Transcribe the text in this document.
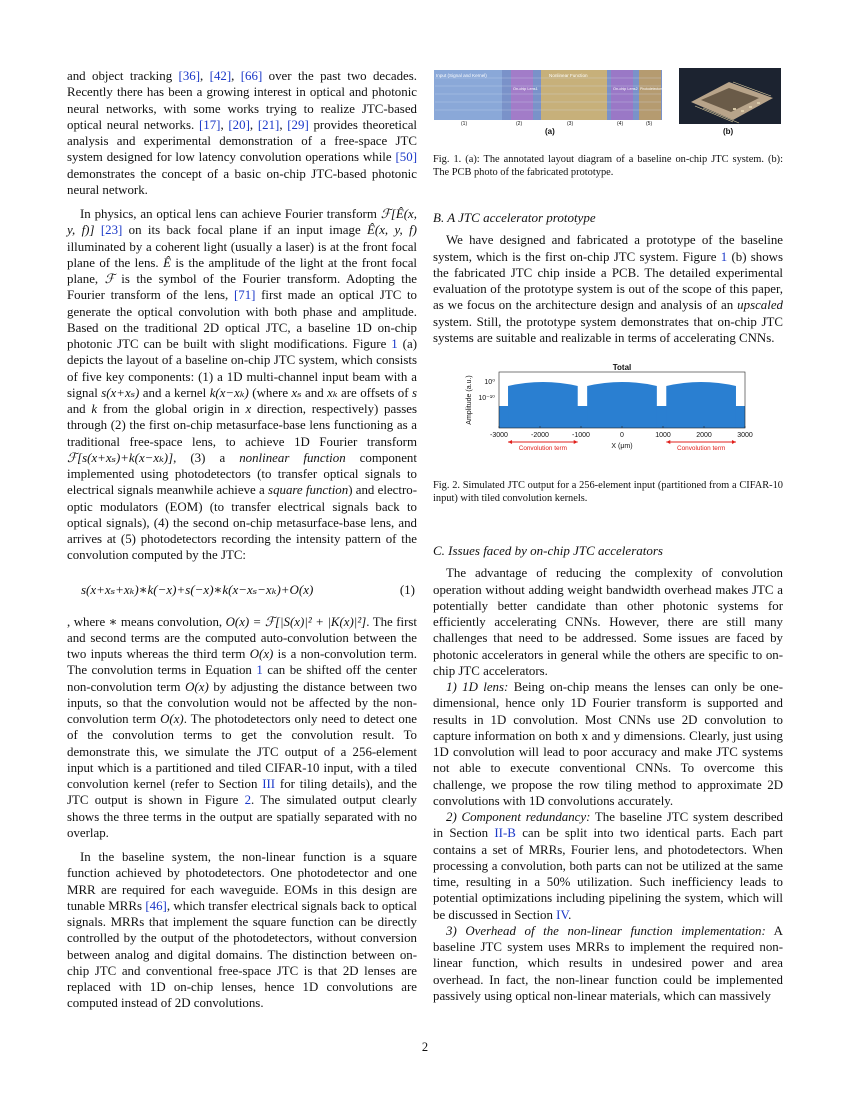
and object tracking [36], [42], [66] over the past two decades. Recently there has been a growing interest in optical and photonic neural networks, with some works trying to realize JTC-based optical neural networks. [17], [20], [21], [29] provides theoretical analysis and experimental demonstration of a free-space JTC system designed for low latency convolution operations while [50] demonstrates the concept of a basic on-chip JTC-based photonic neural network.

In physics, an optical lens can achieve Fourier transform ℱ[Ê(x, y, f)] [23] on its back focal plane if an input image Ê(x, y, f) illuminated by a coherent light (usually a laser) is at the front focal plane of the lens. Ê is the amplitude of the light at the front focal plane, ℱ is the symbol of the Fourier transform. Adopting the Fourier transform of the lens, [71] first made an optical JTC to generate the optical convolution with both phase and amplitude. Based on the traditional 2D optical JTC, a baseline 1D on-chip photonic JTC can be built with slight modifications. Figure 1 (a) depicts the layout of a baseline on-chip JTC system, which consists of five key components: (1) a 1D multi-channel input beam with a signal s(x+xₛ) and a kernel k(x−xₖ) (where xₛ and xₖ are offsets of s and k from the global origin in x direction, respectively) passes through (2) the first on-chip metasurface-base lens functioning as a traditional free-space lens, to achieve 1D Fourier transform ℱ[s(x+xₛ)+k(x−xₖ)], (3) a nonlinear function component implemented using photodetectors (to transfer optical signals to electrical signals meanwhile achieve a square function) and electro-optic modulators (EOM) (to transfer electrical signals back to optical signals), (4) the second on-chip metasurface-base lens, and arrives at (5) photodetectors recording the intensity pattern of the convolution computed by the JTC:

s(x+xₛ+xₖ)∗k(−x)+s(−x)∗k(x−xₛ−xₖ)+O(x)	(1)

, where ∗ means convolution, O(x) = ℱ[|S(x)|² + |K(x)|²]. The first and second terms are the computed auto-convolution between the two inputs whereas the third term O(x) is a non-convolution term. The convolution terms in Equation 1 can be shifted off the center non-convolution term O(x) by adjusting the distance between two inputs, so that the convolution would not be affected by the non-convolution term O(x). The photodetectors only need to detect one of the convolution terms to get the convolution result. To demonstrate this, we simulate the JTC output of a 256-element input which is a partitioned and tiled CIFAR-10 input, with a tiled convolution kernel (refer to Section III for tiling details), and the JTC output is shown in Figure 2. The simulated output clearly shows the three terms in the output are spatially separated with no overlap.

In the baseline system, the non-linear function is a square function achieved by photodetectors. One photodetector and one MRR are required for each waveguide. EOMs in this design are tunable MRRs [46], which transfer electrical signals back to optical signals. MRRs that implement the square function can be directly controlled by the output of the photodetectors, without conversion between analog and digital domains. The distinction between on-chip JTC and conventional free-space JTC is that 2D lenses are replaced with 1D on-chip lenses, hence 1D convolutions are computed instead of 2D convolutions.

Input (Signal and Kernel)
On-chip Lens1
Nonlinear Function
On-chip Lens2 Photodetectors
(1)	(2)	(3)	(4)	(5)
(a)	(b)
Fig. 1. (a): The annotated layout diagram of a baseline on-chip JTC system. (b): The PCB photo of the fabricated prototype.
B. A JTC accelerator prototype

We have designed and fabricated a prototype of the baseline system, which is the first on-chip JTC system. Figure 1 (b) shows the fabricated JTC chip inside a PCB. The detailed experimental evaluation of the prototype system is out of the scope of this paper, as we focus on the architecture design and analysis of an upscaled system. Still, the prototype system demonstrates that on-chip JTC systems are suitable and realizable in terms of accelerating CNNs.

Total
10⁰
10⁻¹⁰
Amplitude (a.u.)
-3000	-2000	-1000	0	1000	2000	3000
Convolution term	Convolution term
X (μm)
Fig. 2. Simulated JTC output for a 256-element input (partitioned from a CIFAR-10 input) with tiled convolution kernels.
C. Issues faced by on-chip JTC accelerators

The advantage of reducing the complexity of convolution operation without adding weight bandwidth overhead makes JTC a potentially better candidate than other photonic systems for efficiently accelerating CNNs. However, there are still many challenges that need to be addressed. Some issues are faced by photonic accelerators in general while the others are specific to on-chip JTC accelerators.

1) 1D lens: Being on-chip means the lenses can only be one-dimensional, hence only 1D Fourier transform is supported and results in 1D convolution. Most CNNs use 2D convolution to capture information on both x and y dimensions. Clearly, just using 1D convolution will lead to poor accuracy and make JTC systems not able to execute conventional CNNs. To overcome this challenge, we propose the row tiling method to approximate 2D convolutions with 1D convolutions accurately.

2) Component redundancy: The baseline JTC system described in Section II-B can be split into two identical parts. Each part contains a set of MRRs, Fourier lens, and photodetectors. When processing a convolution, both parts can not be utilized at the same time, resulting in a 50% utilization. Such inefficiency leads to potential optimizations including pipelining the system, which will be discussed in Section IV.

3) Overhead of the non-linear function implementation: A baseline JTC system uses MRRs to implement the required non-linear function, which results in undesired power and area overhead. In fact, the non-linear function could be implemented passively using optical non-linear materials, which can massively

2
